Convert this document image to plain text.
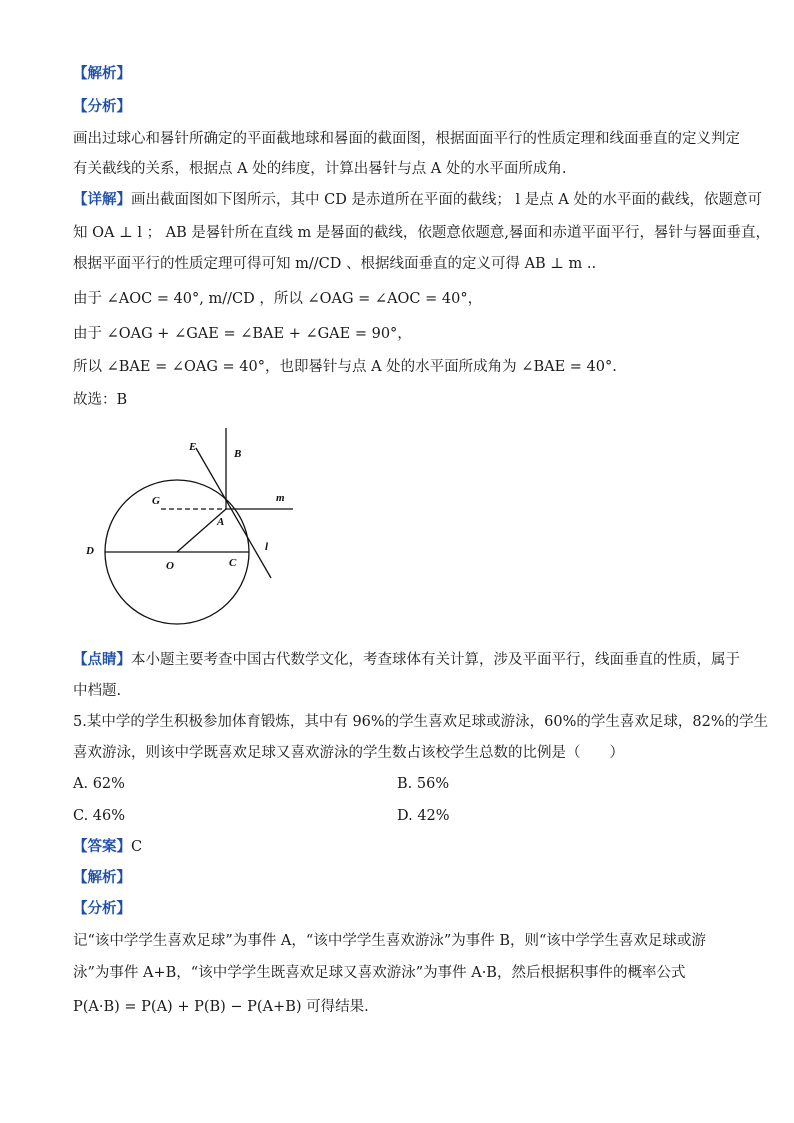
【解析】
【分析】
画出过球心和晷针所确定的平面截地球和晷面的截面图，根据面面平行的性质定理和线面垂直的定义判定
有关截线的关系，根据点 A 处的纬度，计算出晷针与点 A 处的水平面所成角.
【详解】画出截面图如下图所示，其中 CD 是赤道所在平面的截线； l 是点 A 处的水平面的截线，依题意可
知 OA ⊥ l ； AB 是晷针所在直线 m 是晷面的截线，依题意依题意,晷面和赤道平面平行，晷针与晷面垂直，
根据平面平行的性质定理可得可知 m//CD 、根据线面垂直的定义可得 AB ⊥ m ..
由于 ∠AOC = 40°, m//CD ，所以 ∠OAG = ∠AOC = 40°，
由于 ∠OAG + ∠GAE = ∠BAE + ∠GAE = 90°，
所以 ∠BAE = ∠OAG = 40°，也即晷针与点 A 处的水平面所成角为 ∠BAE = 40°.
故选：B
E
B
m
G
A
l
D
O	C
【点睛】本小题主要考查中国古代数学文化，考查球体有关计算，涉及平面平行，线面垂直的性质，属于
中档题.
5.某中学的学生积极参加体育锻炼，其中有 96%的学生喜欢足球或游泳，60%的学生喜欢足球，82%的学生
喜欢游泳，则该中学既喜欢足球又喜欢游泳的学生数占该校学生总数的比例是（　　）
A. 62%	B. 56%
C. 46%	D. 42%
【答案】C
【解析】
【分析】
记“该中学学生喜欢足球”为事件 A，“该中学学生喜欢游泳”为事件 B，则“该中学学生喜欢足球或游
泳”为事件 A+B，“该中学学生既喜欢足球又喜欢游泳”为事件 A·B，然后根据积事件的概率公式
P(A·B) = P(A) + P(B) − P(A+B) 可得结果.
